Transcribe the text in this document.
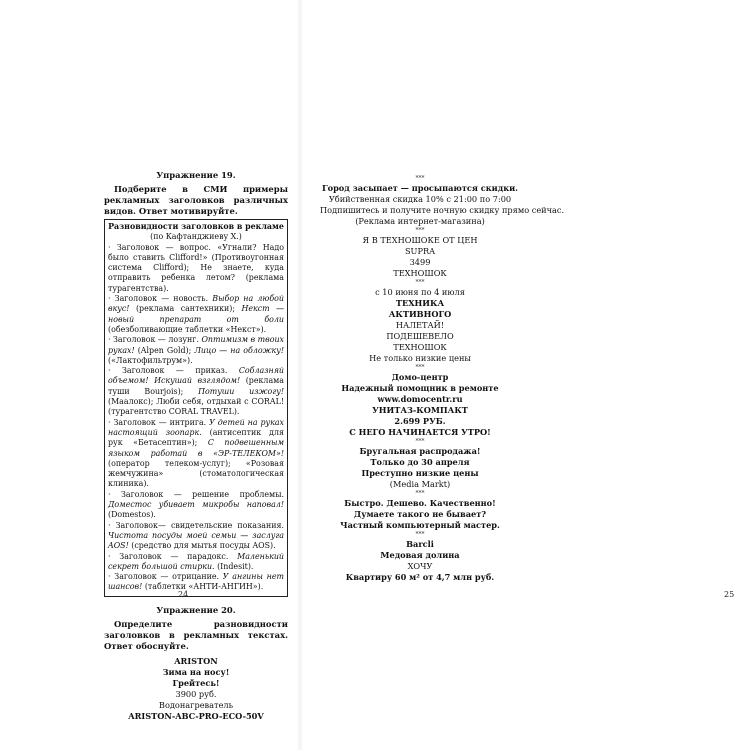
Упражнение 19.
Подберите в СМИ примеры рекламных заголовков различных видов. Ответ мотивируйте.
Разновидности заголовков в рекламе
(по Кафтанджиеву Х.)
· Заголовок — вопрос. «Угнали? Надо было ставить Clifford!» (Противоугонная система Clifford); Не знаете, куда отправить ребенка летом? (реклама турагентства).
· Заголовок — новость. Выбор на любой вкус! (реклама сантехники); Некст — новый препарат от боли (обезболивающие таблетки «Некст»).
· Заголовок — лозунг. Оптимизм в твоих руках! (Alpen Gold); Лицо — на обложку! («Лактофильтрум»).
· Заголовок — приказ. Соблазняй объемом! Искушай взглядом! (реклама туши Bourjois); Потуши изжогу! (Маалокс); Люби себя, отдыхай с CORAL! (турагентство CORAL TRAVEL).
· Заголовок — интрига. У детей на руках настоящий зоопарк. (антисептик для рук «Бетасептин»); С подвешенным языком работай в «ЭР-ТЕЛЕКОМ»! (оператор телеком-услуг); «Розовая жемчужина» (стоматологическая клиника).
· Заголовок — решение проблемы. Доместос убивает микробы наповал! (Domestos).
· Заголовок— свидетельские показания. Чистота посуды моей семьи — заслуга AOS! (средство для мытья посуды AOS).
· Заголовок — парадокс. Маленький секрет большой стирки. (Indesit).
· Заголовок — отрицание. У ангины нет шансов! (таблетки «АНТИ-АНГИН»).
Упражнение 20.
Определите разновидности заголовков в рекламных текстах. Ответ обоснуйте.
ARISTON
Зима на носу!
Грейтесь!
3900 руб.
Водонагреватель
ARISTON-ABC-PRO-ECO-50V
24
***
Город засыпает — просыпаются скидки.
Убийственная скидка 10% с 21:00 по 7:00
Подпишитесь и получите ночную скидку прямо сейчас.
(Реклама интернет-магазина)
***
Я В ТЕХНОШОКЕ ОТ ЦЕН
SUPRA
3499
ТЕХНОШОК
***
с 10 июня по 4 июля
ТЕХНИКА
АКТИВНОГО
НАЛЕТАЙ!
ПОДЕШЕВЕЛО
ТЕХНОШОК
Не только низкие цены
***
Домо-центр
Надежный помощник в ремонте
www.domocentr.ru
УНИТАЗ-КОМПАКТ
2.699 РУБ.
С НЕГО НАЧИНАЕТСЯ УТРО!
***
Бругальная распродажа!
Только до 30 апреля
Преступно низкие цены
(Media Markt)
***
Быстро. Дешево. Качественно!
Думаете такого не бывает?
Частный компьютерный мастер.
***
Barcli
Медовая долина
ХОЧУ
Квартиру 60 м² от 4,7 млн руб.
25
